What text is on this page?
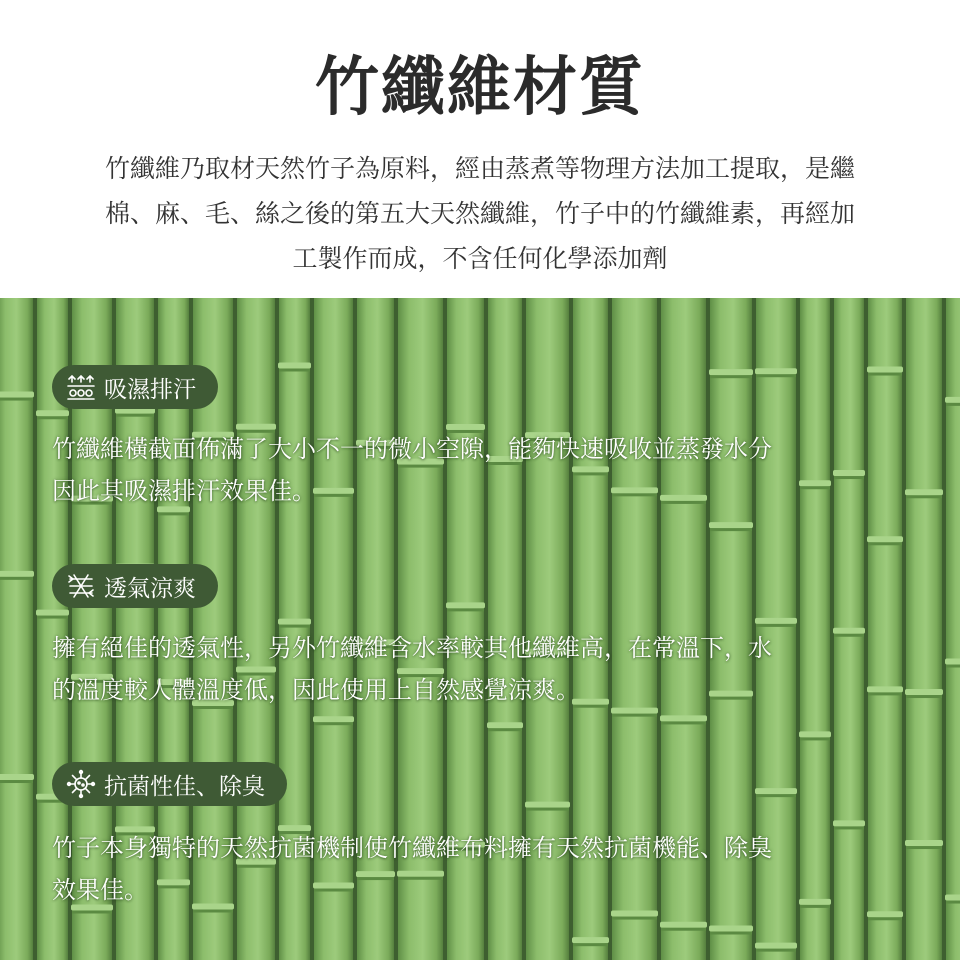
竹纖維材質
竹纖維乃取材天然竹子為原料，經由蒸煮等物理方法加工提取，是繼
棉、麻、毛、絲之後的第五大天然纖維，竹子中的竹纖維素，再經加
工製作而成，不含任何化學添加劑
吸濕排汗
竹纖維橫截面佈滿了大小不一的微小空隙，能夠快速吸收並蒸發水分
因此其吸濕排汗效果佳。
透氣涼爽
擁有絕佳的透氣性，另外竹纖維含水率較其他纖維高，在常溫下，水
的溫度較人體溫度低，因此使用上自然感覺涼爽。
抗菌性佳、除臭
竹子本身獨特的天然抗菌機制使竹纖維布料擁有天然抗菌機能、除臭
效果佳。
